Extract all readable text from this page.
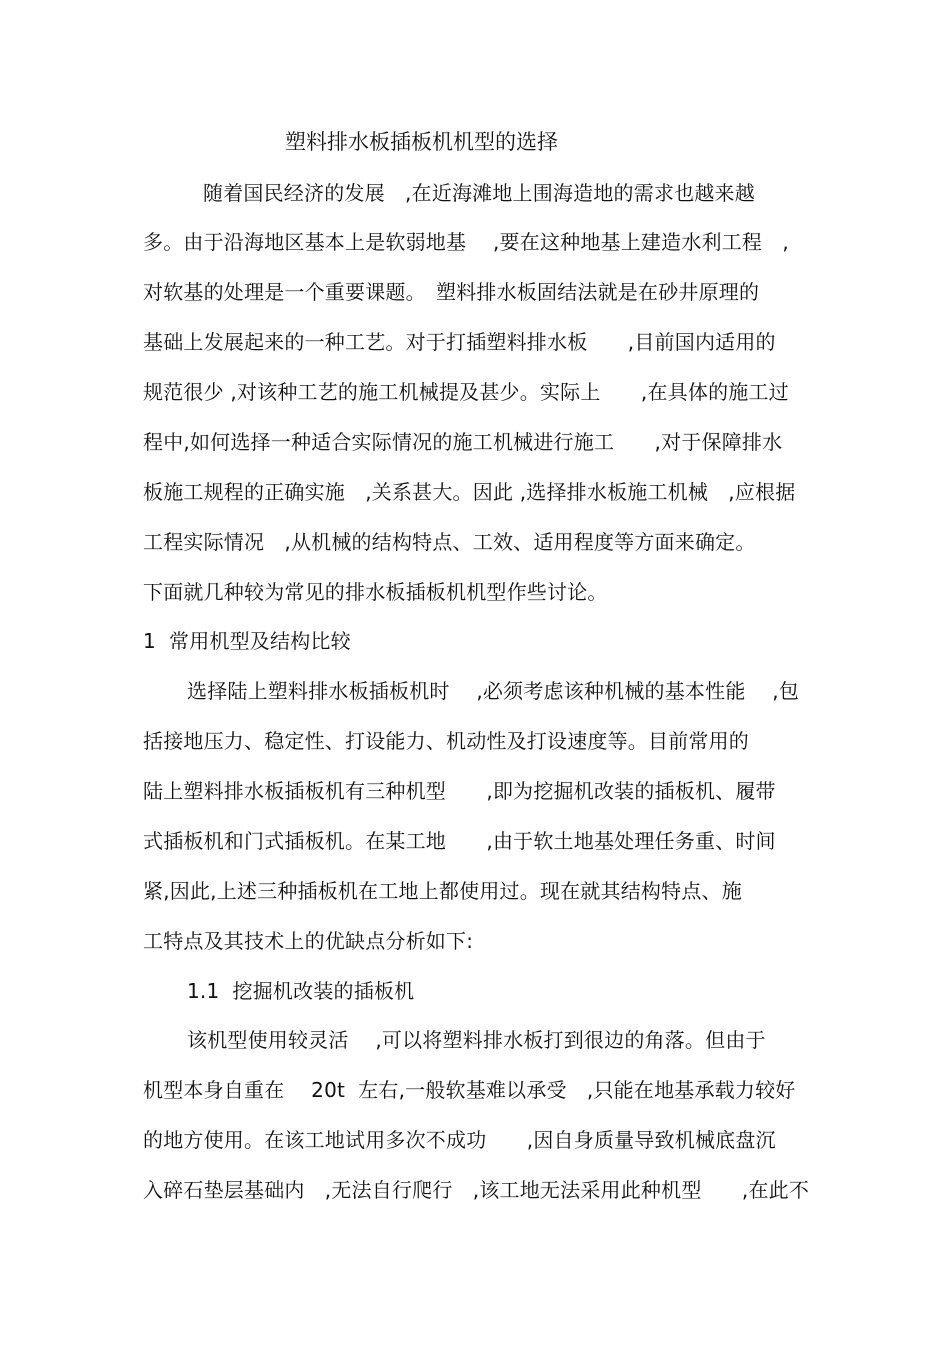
塑料排水板插板机机型的选择
随着国民经济的发展　,在近海滩地上围海造地的需求也越来越
多。由于沿海地区基本上是软弱地基　 ,要在这种地基上建造水利工程　,
对软基的处理是一个重要课题。　塑料排水板固结法就是在砂井原理的
基础上发展起来的一种工艺。对于打插塑料排水板　　,目前国内适用的
规范很少 ,对该种工艺的施工机械提及甚少。实际上　　,在具体的施工过
程中,如何选择一种适合实际情况的施工机械进行施工　　,对于保障排水
板施工规程的正确实施　,关系甚大。因此 ,选择排水板施工机械　,应根据
工程实际情况　,从机械的结构特点、工效、适用程度等方面来确定。
下面就几种较为常见的排水板插板机机型作些讨论。
1  常用机型及结构比较
选择陆上塑料排水板插板机时　 ,必须考虑该种机械的基本性能　 ,包
括接地压力、稳定性、打设能力、机动性及打设速度等。目前常用的
陆上塑料排水板插板机有三种机型　　,即为挖掘机改装的插板机、履带
式插板机和门式插板机。在某工地　　,由于软土地基处理任务重、时间
紧,因此,上述三种插板机在工地上都使用过。现在就其结构特点、施
工特点及其技术上的优缺点分析如下:
1.1  挖掘机改装的插板机
该机型使用较灵活　 ,可以将塑料排水板打到很边的角落。但由于
机型本身自重在　 20t  左右,一般软基难以承受　,只能在地基承载力较好
的地方使用。在该工地试用多次不成功　　,因自身质量导致机械底盘沉
入碎石垫层基础内　,无法自行爬行　,该工地无法采用此种机型　　,在此不
